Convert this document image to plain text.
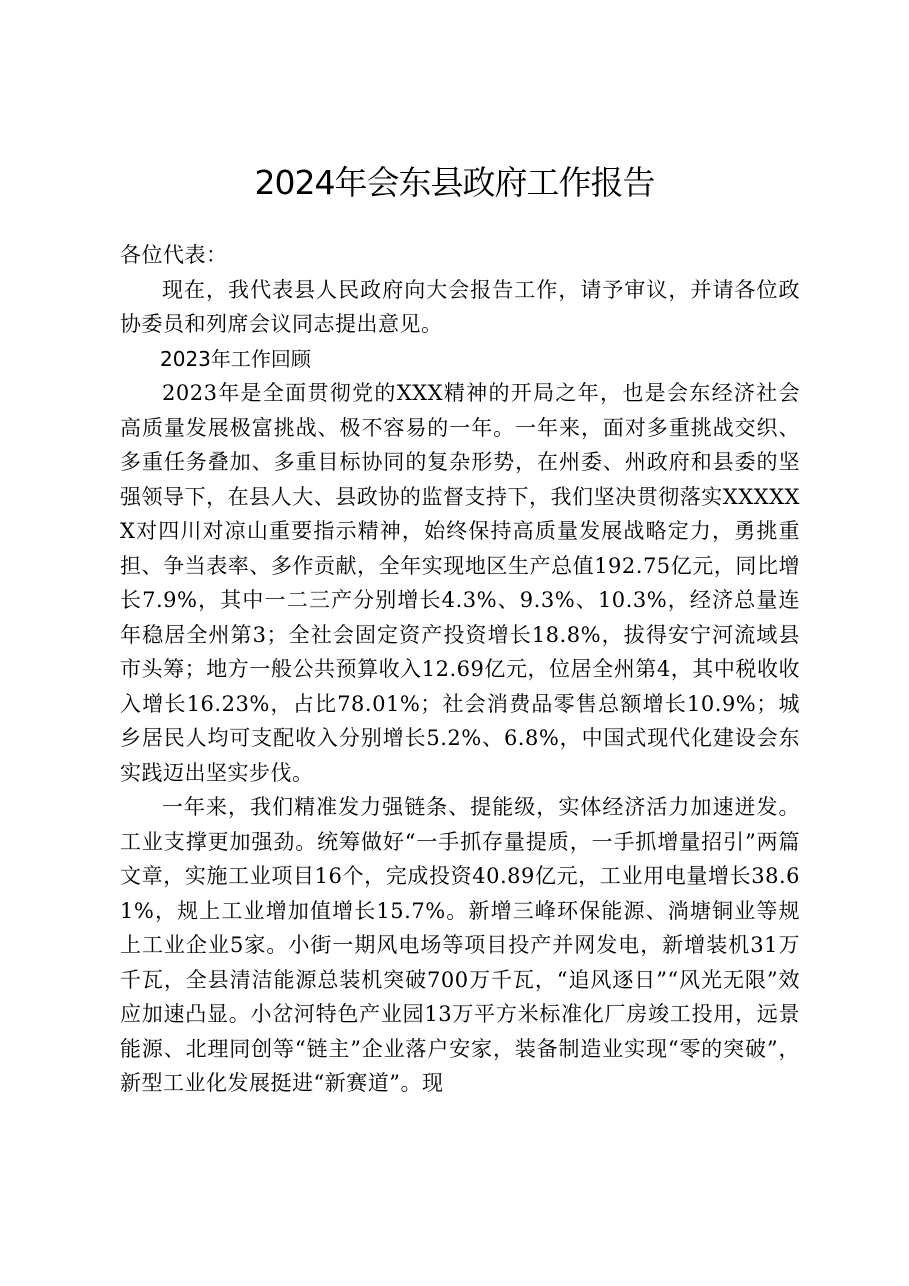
2024年会东县政府工作报告

各位代表：

现在，我代表县人民政府向大会报告工作，请予审议，并请各位政协委员和列席会议同志提出意见。

2023年工作回顾

2023年是全面贯彻党的XXX精神的开局之年，也是会东经济社会高质量发展极富挑战、极不容易的一年。一年来，面对多重挑战交织、多重任务叠加、多重目标协同的复杂形势，在州委、州政府和县委的坚强领导下，在县人大、县政协的监督支持下，我们坚决贯彻落实XXXXXX对四川对凉山重要指示精神，始终保持高质量发展战略定力，勇挑重担、争当表率、多作贡献，全年实现地区生产总值192.75亿元，同比增长7.9%，其中一二三产分别增长4.3%、9.3%、10.3%，经济总量连年稳居全州第3；全社会固定资产投资增长18.8%，拔得安宁河流域县市头筹；地方一般公共预算收入12.69亿元，位居全州第4，其中税收收入增长16.23%，占比78.01%；社会消费品零售总额增长10.9%；城乡居民人均可支配收入分别增长5.2%、6.8%，中国式现代化建设会东实践迈出坚实步伐。

一年来，我们精准发力强链条、提能级，实体经济活力加速迸发。工业支撑更加强劲。统筹做好“一手抓存量提质，一手抓增量招引”两篇文章，实施工业项目16个，完成投资40.89亿元，工业用电量增长38.61%，规上工业增加值增长15.7%。新增三峰环保能源、淌塘铜业等规上工业企业5家。小街一期风电场等项目投产并网发电，新增装机31万千瓦，全县清洁能源总装机突破700万千瓦，“追风逐日”“风光无限”效应加速凸显。小岔河特色产业园13万平方米标准化厂房竣工投用，远景能源、北理同创等“链主”企业落户安家，装备制造业实现“零的突破”，新型工业化发展挺进“新赛道”。现
